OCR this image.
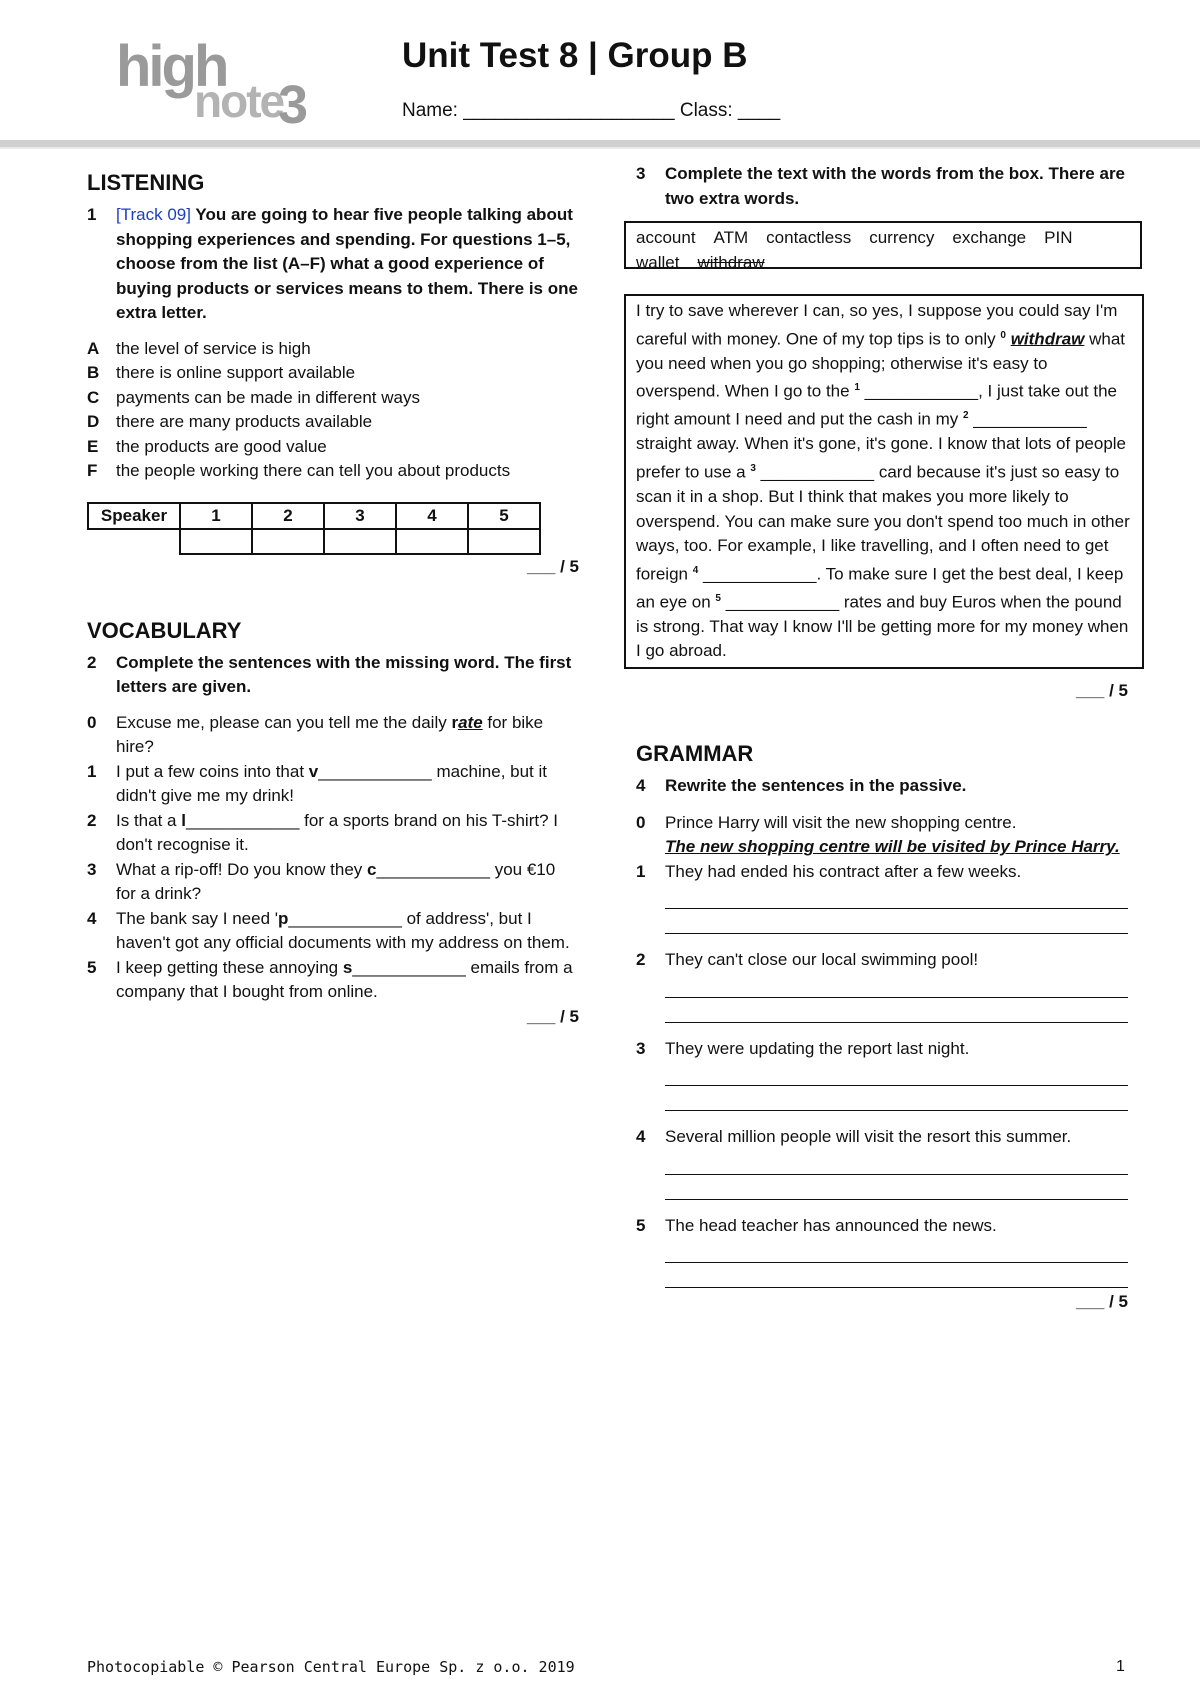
high
note
3
Unit Test 8 | Group B
Name: ____________________ Class: ____
LISTENING
1	[Track 09] You are going to hear five people talking about shopping experiences and spending. For questions 1–5, choose from the list (A–F) what a good experience of buying products or services means to them. There is one extra letter.
A the level of service is high
B there is online support available
C payments can be made in different ways
D there are many products available
E	the products are good value
F	the people working there can tell you about products
Speaker	1	2	3	4	5

___ / 5
VOCABULARY
2	Complete the sentences with the missing word. The first letters are given.
0	Excuse me, please can you tell me the daily rate for bike hire?
1	I put a few coins into that v____________ machine, but it didn't give me my drink!
2	Is that a l____________ for a sports brand on his T-shirt? I don't recognise it.
3	What a rip-off! Do you know they c____________ you €10 for a drink?
4	The bank say I need 'p____________ of address', but I haven't got any official documents with my address on them.
5	I keep getting these annoying s____________ emails from a company that I bought from online.
___ / 5
3	Complete the text with the words from the box. There are two extra words.
account ATM contactless currency exchange PIN
wallet withdraw
I try to save wherever I can, so yes, I suppose you could say I'm careful with money. One of my top tips is to only $^0$ withdraw what you need when you go shopping; otherwise it's easy to overspend. When I go to the $^1$ ____________, I just take out the right amount I need and put the cash in my $^2$ ____________ straight away. When it's gone, it's gone. I know that lots of people prefer to use a $^3$ ____________ card because it's just so easy to scan it in a shop. But I think that makes you more likely to overspend. You can make sure you don't spend too much in other ways, too. For example, I like travelling, and I often need to get foreign $^4$ ____________. To make sure I get the best deal, I keep an eye on $^5$ ____________ rates and buy Euros when the pound is strong. That way I know I'll be getting more for my money when I go abroad.
___ / 5
GRAMMAR
4	Rewrite the sentences in the passive.
0	Prince Harry will visit the new shopping centre.
The new shopping centre will be visited by Prince Harry.
1	They had ended his contract after a few weeks.
2	They can't close our local swimming pool!
3	They were updating the report last night.
4	Several million people will visit the resort this summer.
5	The head teacher has announced the news.
___ / 5
Photocopiable © Pearson Central Europe Sp. z o.o. 2019	1
